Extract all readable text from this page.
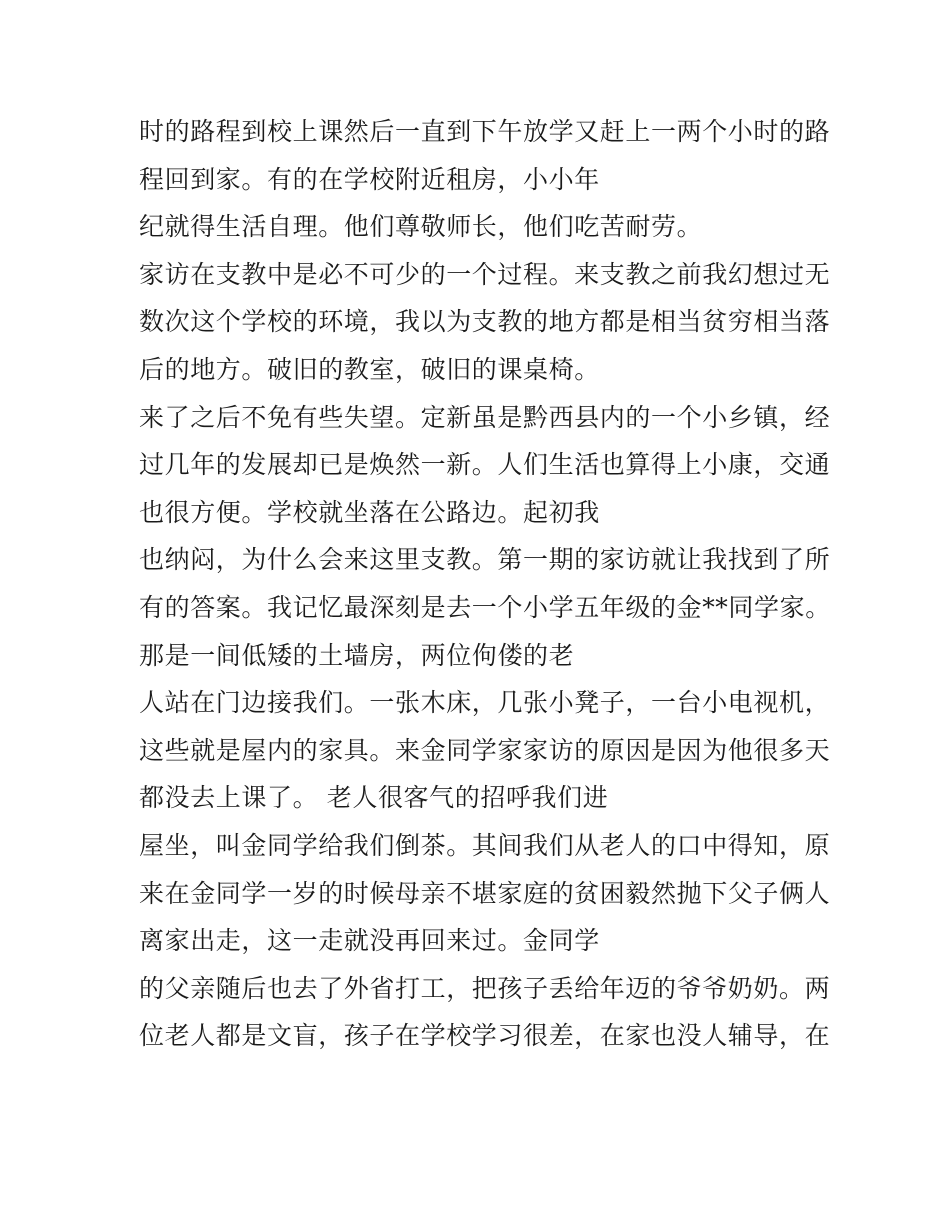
时的路程到校上课然后一直到下午放学又赶上一两个小时的路
程回到家。有的在学校附近租房，小小年
纪就得生活自理。他们尊敬师长，他们吃苦耐劳。
家访在支教中是必不可少的一个过程。来支教之前我幻想过无
数次这个学校的环境，我以为支教的地方都是相当贫穷相当落
后的地方。破旧的教室，破旧的课桌椅。
来了之后不免有些失望。定新虽是黔西县内的一个小乡镇，经
过几年的发展却已是焕然一新。人们生活也算得上小康，交通
也很方便。学校就坐落在公路边。起初我
也纳闷，为什么会来这里支教。第一期的家访就让我找到了所
有的答案。我记忆最深刻是去一个小学五年级的金**同学家。
那是一间低矮的土墙房，两位佝偻的老
人站在门边接我们。一张木床，几张小凳子，一台小电视机，
这些就是屋内的家具。来金同学家家访的原因是因为他很多天
都没去上课了。 老人很客气的招呼我们进
屋坐，叫金同学给我们倒茶。其间我们从老人的口中得知，原
来在金同学一岁的时候母亲不堪家庭的贫困毅然抛下父子俩人
离家出走，这一走就没再回来过。金同学
的父亲随后也去了外省打工，把孩子丢给年迈的爷爷奶奶。两
位老人都是文盲，孩子在学校学习很差，在家也没人辅导，在
